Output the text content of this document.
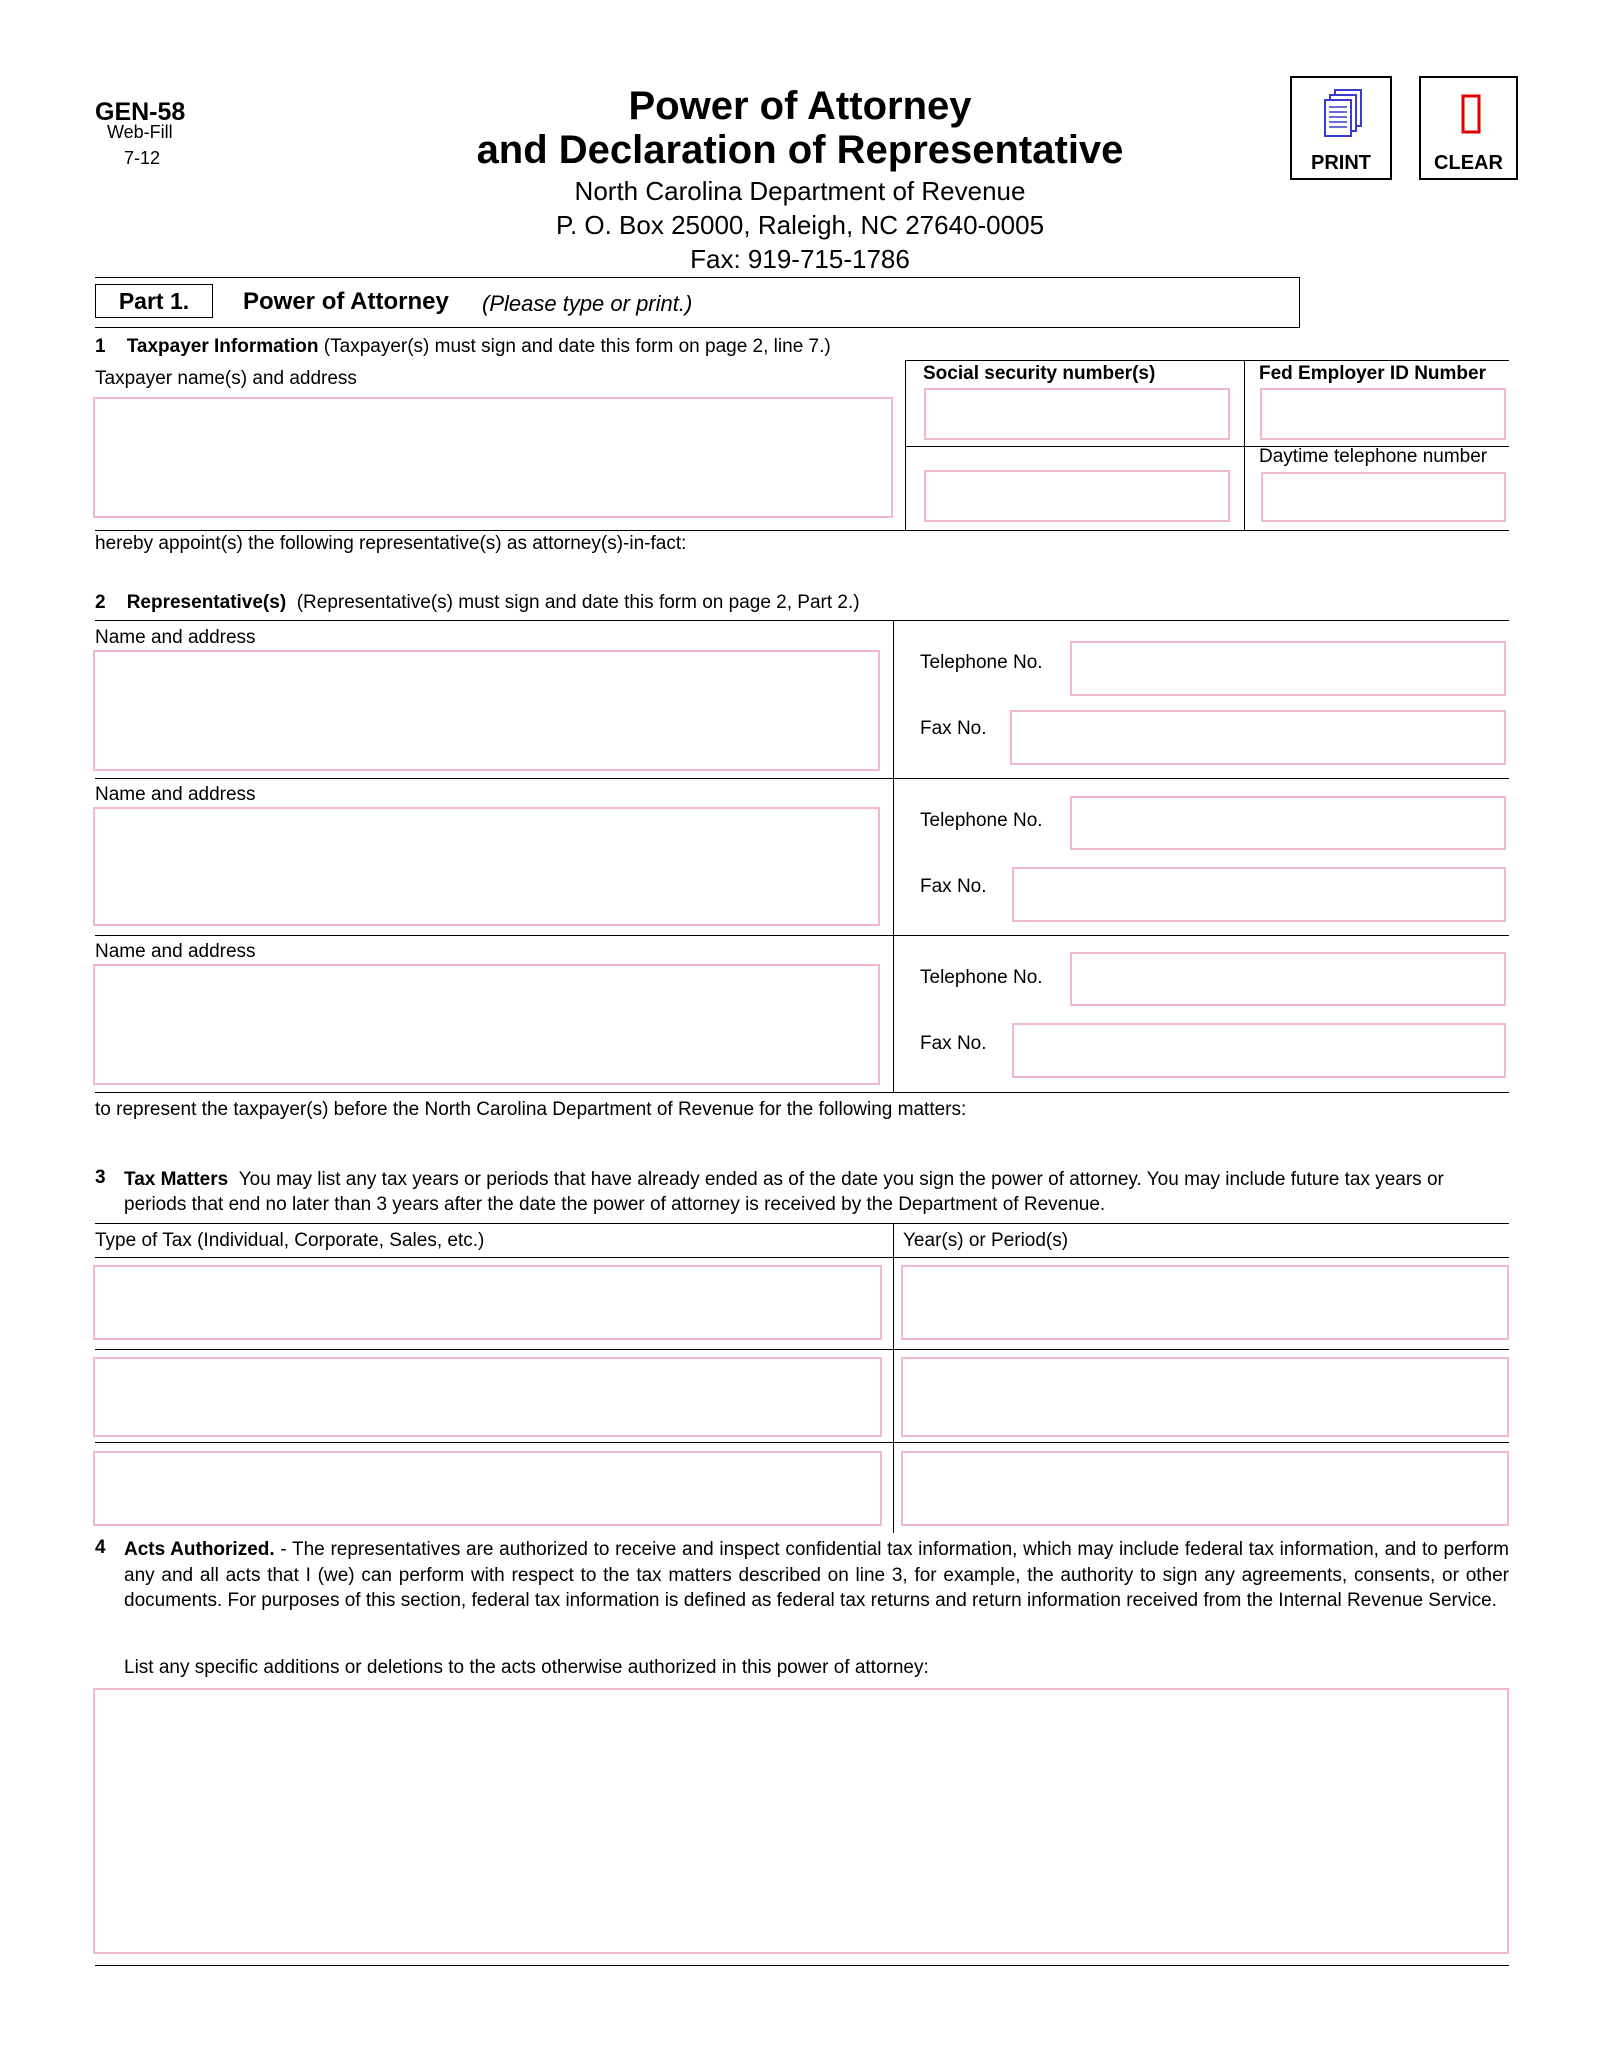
GEN-58
Web-Fill
7-12
Power of Attorney
and Declaration of Representative
North Carolina Department of Revenue
P. O. Box 25000, Raleigh, NC 27640-0005
Fax: 919-715-1786
PRINT	CLEAR
Part 1.	Power of Attorney (Please type or print.)
1 Taxpayer Information (Taxpayer(s) must sign and date this form on page 2, line 7.)
Taxpayer name(s) and address	Social security number(s)	Fed Employer ID Number
Daytime telephone number
hereby appoint(s) the following representative(s) as attorney(s)-in-fact:
2 Representative(s) (Representative(s) must sign and date this form on page 2, Part 2.)
Name and address
Telephone No.
Fax No.
Name and address
Telephone No.
Fax No.
Name and address
Telephone No.
Fax No.
to represent the taxpayer(s) before the North Carolina Department of Revenue for the following matters:
3 Tax Matters You may list any tax years or periods that have already ended as of the date you sign the power of attorney. You may include future tax years or periods that end no later than 3 years after the date the power of attorney is received by the Department of Revenue.
Type of Tax (Individual, Corporate, Sales, etc.)	Year(s) or Period(s)
4 Acts Authorized. - The representatives are authorized to receive and inspect confidential tax information, which may include federal tax information, and to perform any and all acts that I (we) can perform with respect to the tax matters described on line 3, for example, the authority to sign any agreements, consents, or other documents. For purposes of this section, federal tax information is defined as federal tax returns and return information received from the Internal Revenue Service.
List any specific additions or deletions to the acts otherwise authorized in this power of attorney:
